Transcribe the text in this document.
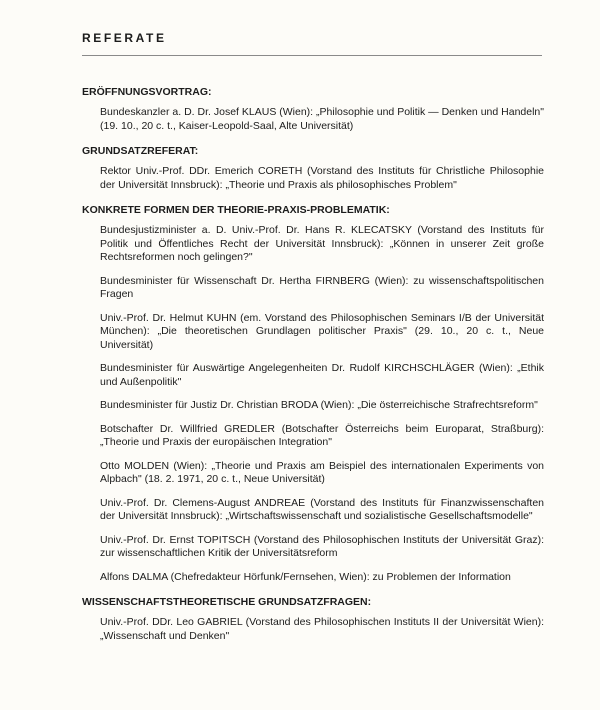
REFERATE
ERÖFFNUNGSVORTRAG:
Bundeskanzler a. D. Dr. Josef KLAUS (Wien): „Philosophie und Politik — Denken und Handeln" (19. 10., 20 c. t., Kaiser-Leopold-Saal, Alte Universität)
GRUNDSATZREFERAT:
Rektor Univ.-Prof. DDr. Emerich CORETH (Vorstand des Instituts für Christliche Philosophie der Universität Innsbruck): „Theorie und Praxis als philosophisches Problem"
KONKRETE FORMEN DER THEORIE-PRAXIS-PROBLEMATIK:
Bundesjustizminister a. D. Univ.-Prof. Dr. Hans R. KLECATSKY (Vorstand des Instituts für Politik und Öffentliches Recht der Universität Innsbruck): „Können in unserer Zeit große Rechtsreformen noch gelingen?"
Bundesminister für Wissenschaft Dr. Hertha FIRNBERG (Wien): zu wissenschaftspolitischen Fragen
Univ.-Prof. Dr. Helmut KUHN (em. Vorstand des Philosophischen Seminars I/B der Universität München): „Die theoretischen Grundlagen politischer Praxis" (29. 10., 20 c. t., Neue Universität)
Bundesminister für Auswärtige Angelegenheiten Dr. Rudolf KIRCHSCHLÄGER (Wien): „Ethik und Außenpolitik"
Bundesminister für Justiz Dr. Christian BRODA (Wien): „Die österreichische Strafrechtsreform"
Botschafter Dr. Willfried GREDLER (Botschafter Österreichs beim Europarat, Straßburg): „Theorie und Praxis der europäischen Integration"
Otto MOLDEN (Wien): „Theorie und Praxis am Beispiel des internationalen Experiments von Alpbach" (18. 2. 1971, 20 c. t., Neue Universität)
Univ.-Prof. Dr. Clemens-August ANDREAE (Vorstand des Instituts für Finanzwissenschaften der Universität Innsbruck): „Wirtschaftswissenschaft und sozialistische Gesellschaftsmodelle"
Univ.-Prof. Dr. Ernst TOPITSCH (Vorstand des Philosophischen Instituts der Universität Graz): zur wissenschaftlichen Kritik der Universitätsreform
Alfons DALMA (Chefredakteur Hörfunk/Fernsehen, Wien): zu Problemen der Information
WISSENSCHAFTSTHEORETISCHE GRUNDSATZFRAGEN:
Univ.-Prof. DDr. Leo GABRIEL (Vorstand des Philosophischen Instituts II der Universität Wien): „Wissenschaft und Denken"
